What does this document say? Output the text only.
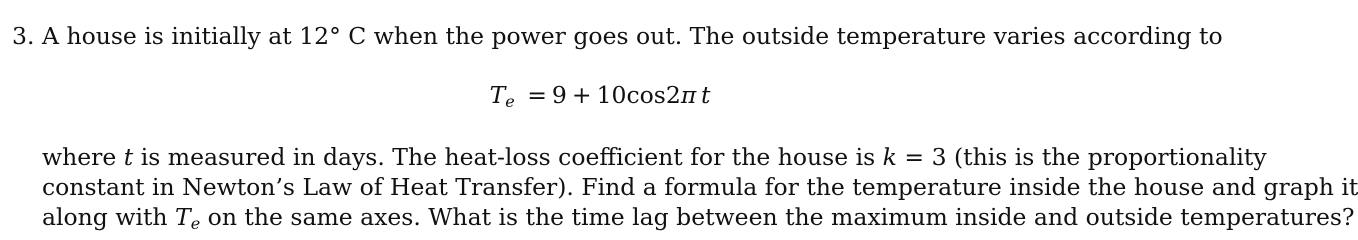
3. A house is initially at 12° C when the power goes out. The outside temperature varies according to
$T_e = 9 + 10\cos 2\pi$  t
where t is measured in days. The heat-loss coefficient for the house is k = 3 (this is the proportionality
constant in Newton’s Law of Heat Transfer). Find a formula for the temperature inside the house and graph it
along with $T_e$ on the same axes. What is the time lag between the maximum inside and outside temperatures?
